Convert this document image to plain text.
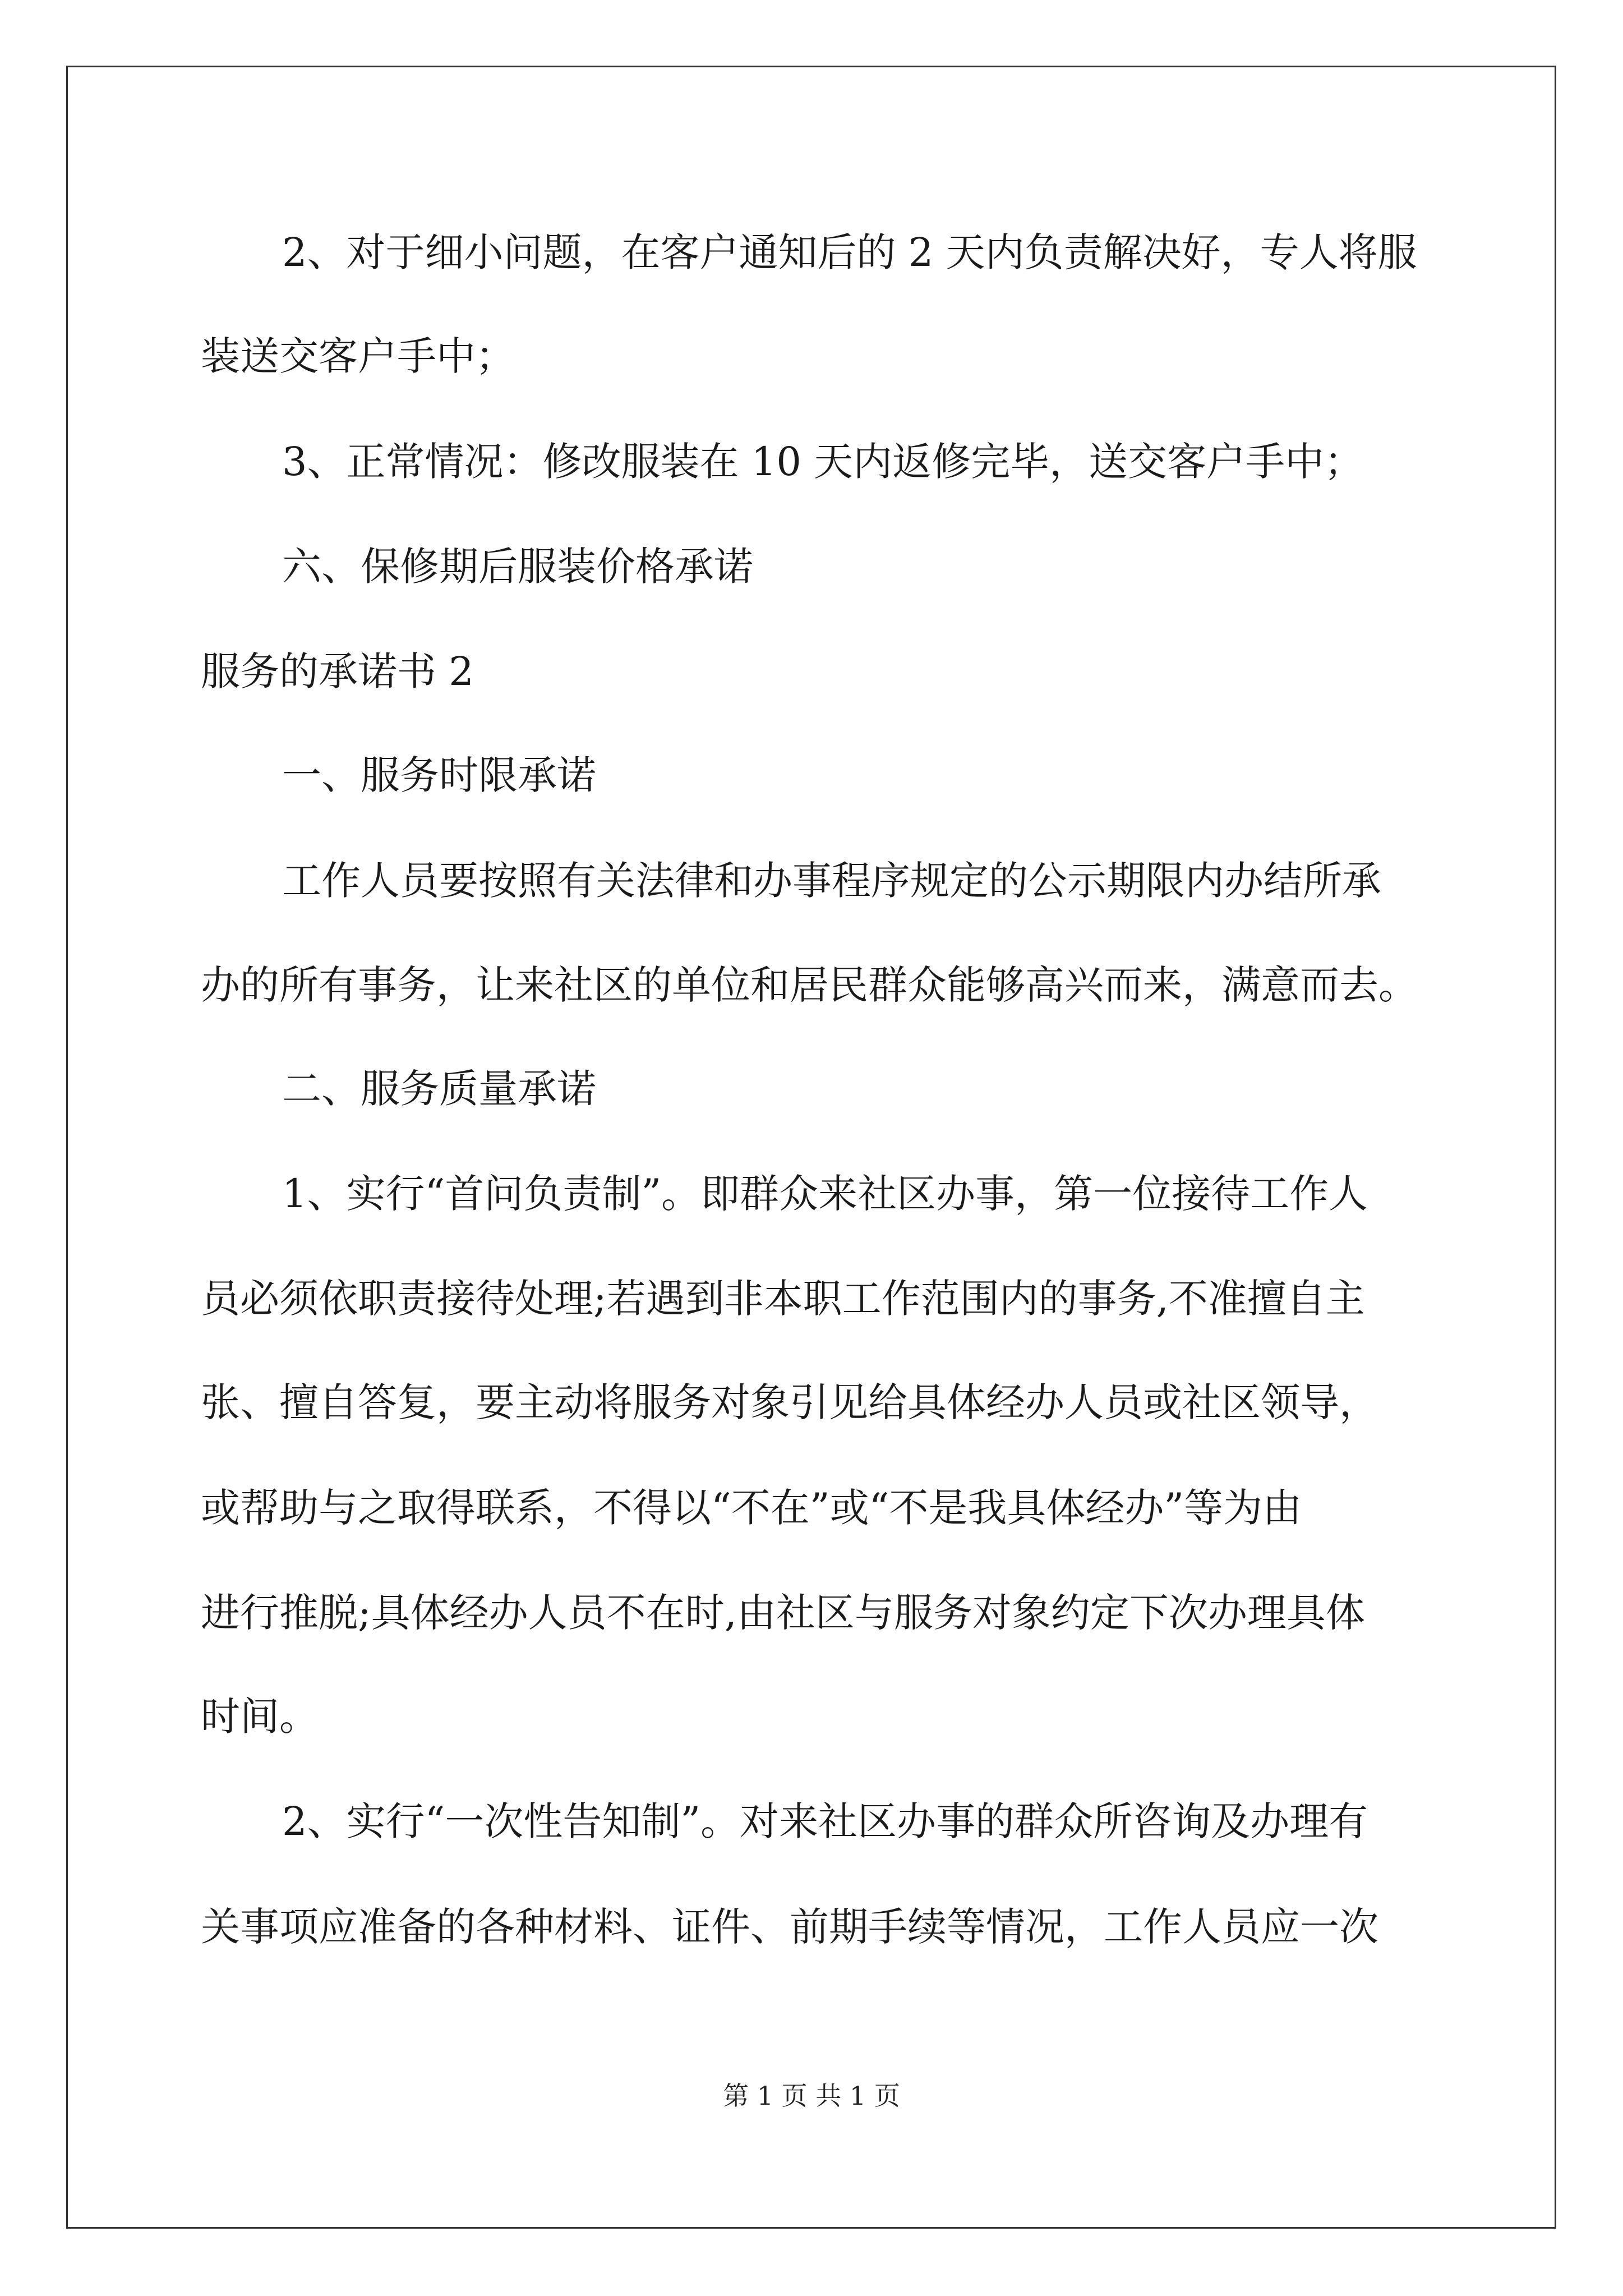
2、对于细小问题，在客户通知后的 2 天内负责解决好，专人将服
装送交客户手中；
3、正常情况：修改服装在 10 天内返修完毕，送交客户手中；
六、保修期后服装价格承诺
服务的承诺书 2
一、服务时限承诺
工作人员要按照有关法律和办事程序规定的公示期限内办结所承
办的所有事务，让来社区的单位和居民群众能够高兴而来，满意而去。
二、服务质量承诺
1、实行“首问负责制”。即群众来社区办事，第一位接待工作人
员必须依职责接待处理;若遇到非本职工作范围内的事务,不准擅自主
张、擅自答复，要主动将服务对象引见给具体经办人员或社区领导，
或帮助与之取得联系，不得以“不在”或“不是我具体经办”等为由
进行推脱;具体经办人员不在时,由社区与服务对象约定下次办理具体
时间。
2、实行“一次性告知制”。对来社区办事的群众所咨询及办理有
关事项应准备的各种材料、证件、前期手续等情况，工作人员应一次
第 1 页 共 1 页
